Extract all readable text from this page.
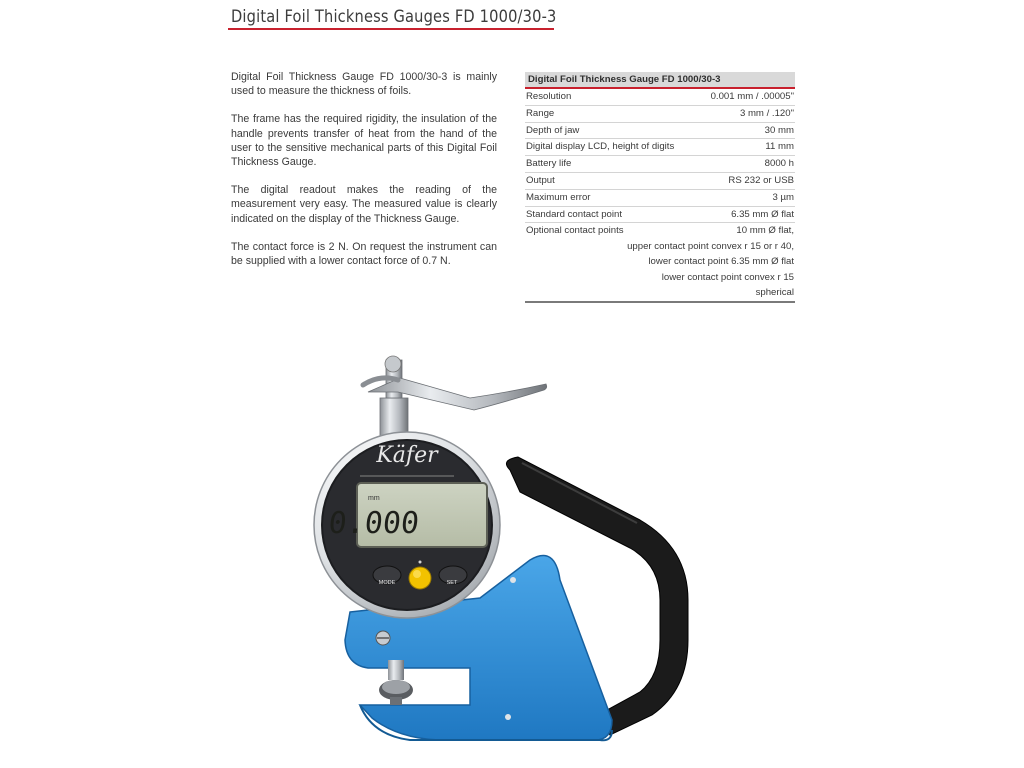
Digital Foil Thickness Gauges FD 1000/30-3

Digital Foil Thickness Gauge FD 1000/30-3 is mainly used to measure the thickness of foils.

The frame has the required rigidity, the insulation of the handle prevents transfer of heat from the hand of the user to the sensitive mechanical parts of this Digital Foil Thickness Gauge.

The digital readout makes the reading of the measurement very easy. The measured value is clearly indicated on the display of the Thickness Gauge.

The contact force is 2 N. On request the instrument can be supplied with a lower contact force of 0.7 N.

Digital Foil Thickness Gauge FD 1000/30-3
Resolution	0.001 mm / .00005"
Range	3 mm / .120"
Depth of jaw	30 mm
Digital display LCD, height of digits	11 mm
Battery life	8000 h
Output	RS 232 or USB
Maximum error	3 µm
Standard contact point	6.35 mm Ø flat
Optional contact points	10 mm Ø flat,
upper contact point convex r 15 or r 40,
lower contact point 6.35 mm Ø flat
lower contact point convex r 15
spherical
Käfer
mm
0.000
MODE	SET
